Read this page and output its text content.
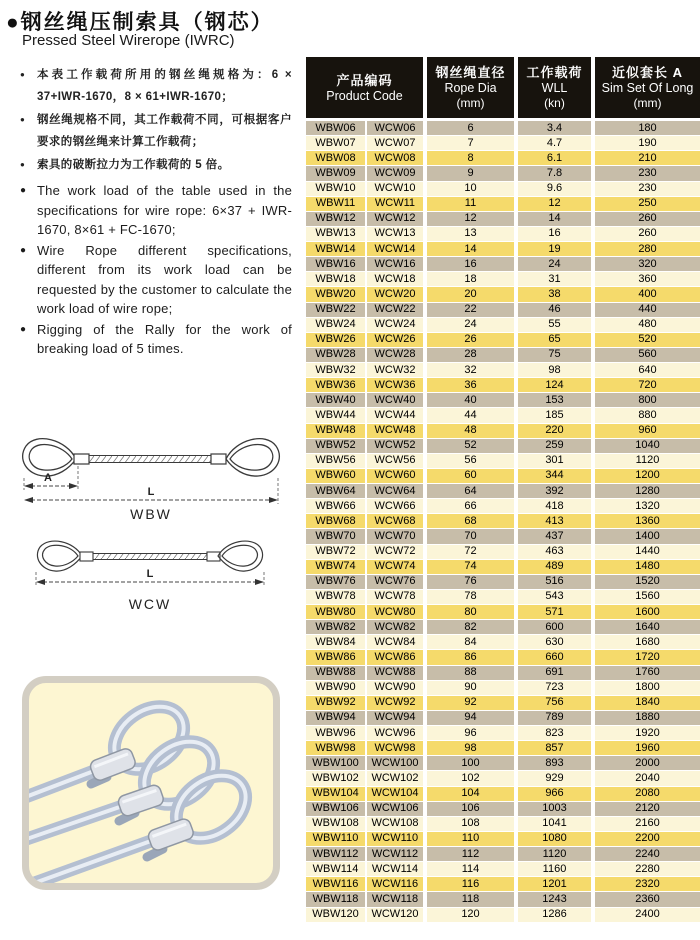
●钢丝绳压制索具（钢芯）
Pressed Steel Wirerope (IWRC)
● 本表工作载荷所用的钢丝绳规格为：6 × 37+IWR-1670，8 × 61+IWR-1670；
● 钢丝绳规格不同，其工作载荷不同，可根据客户要求的钢丝绳来计算工作载荷；
● 索具的破断拉力为工作载荷的 5 倍。
● The work load of the table used in the specifications for wire rope: 6×37 + IWR-1670, 8×61 + FC-1670;
● Wire Rope different specifications, different from its work load can be requested by the customer to calculate the work load of wire rope;
● Rigging of the Rally for the work of breaking load of 5 times.
A
L
WBW
L
WCW
产品编码
Product Code

钢丝绳直径
Rope Dia
(mm)

工作载荷
WLL
(kn)

近似套长 A
Sim Set Of Long
(mm)

WBW06	WCW06	6	3.4	180
WBW07	WCW07	7	4.7	190
WBW08	WCW08	8	6.1	210
WBW09	WCW09	9	7.8	230
WBW10	WCW10	10	9.6	230
WBW11	WCW11	11	12	250
WBW12	WCW12	12	14	260
WBW13	WCW13	13	16	260
WBW14	WCW14	14	19	280
WBW16	WCW16	16	24	320
WBW18	WCW18	18	31	360
WBW20	WCW20	20	38	400
WBW22	WCW22	22	46	440
WBW24	WCW24	24	55	480
WBW26	WCW26	26	65	520
WBW28	WCW28	28	75	560
WBW32	WCW32	32	98	640
WBW36	WCW36	36	124	720
WBW40	WCW40	40	153	800
WBW44	WCW44	44	185	880
WBW48	WCW48	48	220	960
WBW52	WCW52	52	259	1040
WBW56	WCW56	56	301	1120
WBW60	WCW60	60	344	1200
WBW64	WCW64	64	392	1280
WBW66	WCW66	66	418	1320
WBW68	WCW68	68	413	1360
WBW70	WCW70	70	437	1400
WBW72	WCW72	72	463	1440
WBW74	WCW74	74	489	1480
WBW76	WCW76	76	516	1520
WBW78	WCW78	78	543	1560
WBW80	WCW80	80	571	1600
WBW82	WCW82	82	600	1640
WBW84	WCW84	84	630	1680
WBW86	WCW86	86	660	1720
WBW88	WCW88	88	691	1760
WBW90	WCW90	90	723	1800
WBW92	WCW92	92	756	1840
WBW94	WCW94	94	789	1880
WBW96	WCW96	96	823	1920
WBW98	WCW98	98	857	1960
WBW100	WCW100	100	893	2000
WBW102	WCW102	102	929	2040
WBW104	WCW104	104	966	2080
WBW106	WCW106	106	1003	2120
WBW108	WCW108	108	1041	2160
WBW110	WCW110	110	1080	2200
WBW112	WCW112	112	1120	2240
WBW114	WCW114	114	1160	2280
WBW116	WCW116	116	1201	2320
WBW118	WCW118	118	1243	2360
WBW120	WCW120	120	1286	2400
